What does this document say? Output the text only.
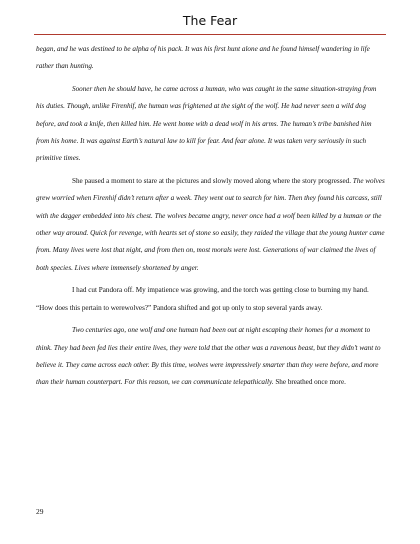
The Fear

began, and he was destined to be alpha of his pack. It was his first hunt alone and he found himself wandering in life rather than hunting.

Sooner then he should have, he came across a human, who was caught in the same situation-straying from his duties. Though, unlike Firenhif, the human was frightened at the sight of the wolf. He had never seen a wild dog before, and took a knife, then killed him. He went home with a dead wolf in his arms. The human’s tribe banished him from his home. It was against Earth’s natural law to kill for fear. And fear alone. It was taken very seriously in such primitive times.

She paused a moment to stare at the pictures and slowly moved along where the story progressed. The wolves grew worried when Firenhif didn’t return after a week. They went out to search for him. Then they found his carcass, still with the dagger embedded into his chest. The wolves became angry, never once had a wolf been killed by a human or the other way around. Quick for revenge, with hearts set of stone so easily, they raided the village that the young hunter came from. Many lives were lost that night, and from then on, most morals were lost. Generations of war claimed the lives of both species. Lives where immensely shortened by anger.

I had cut Pandora off. My impatience was growing, and the torch was getting close to burning my hand. “How does this pertain to werewolves?” Pandora shifted and got up only to stop several yards away.

Two centuries ago, one wolf and one human had been out at night escaping their homes for a moment to think. They had been fed lies their entire lives, they were told that the other was a ravenous beast, but they didn’t want to believe it. They came across each other. By this time, wolves were impressively smarter than they were before, and more than their human counterpart. For this reason, we can communicate telepathically. She breathed once more.

29
